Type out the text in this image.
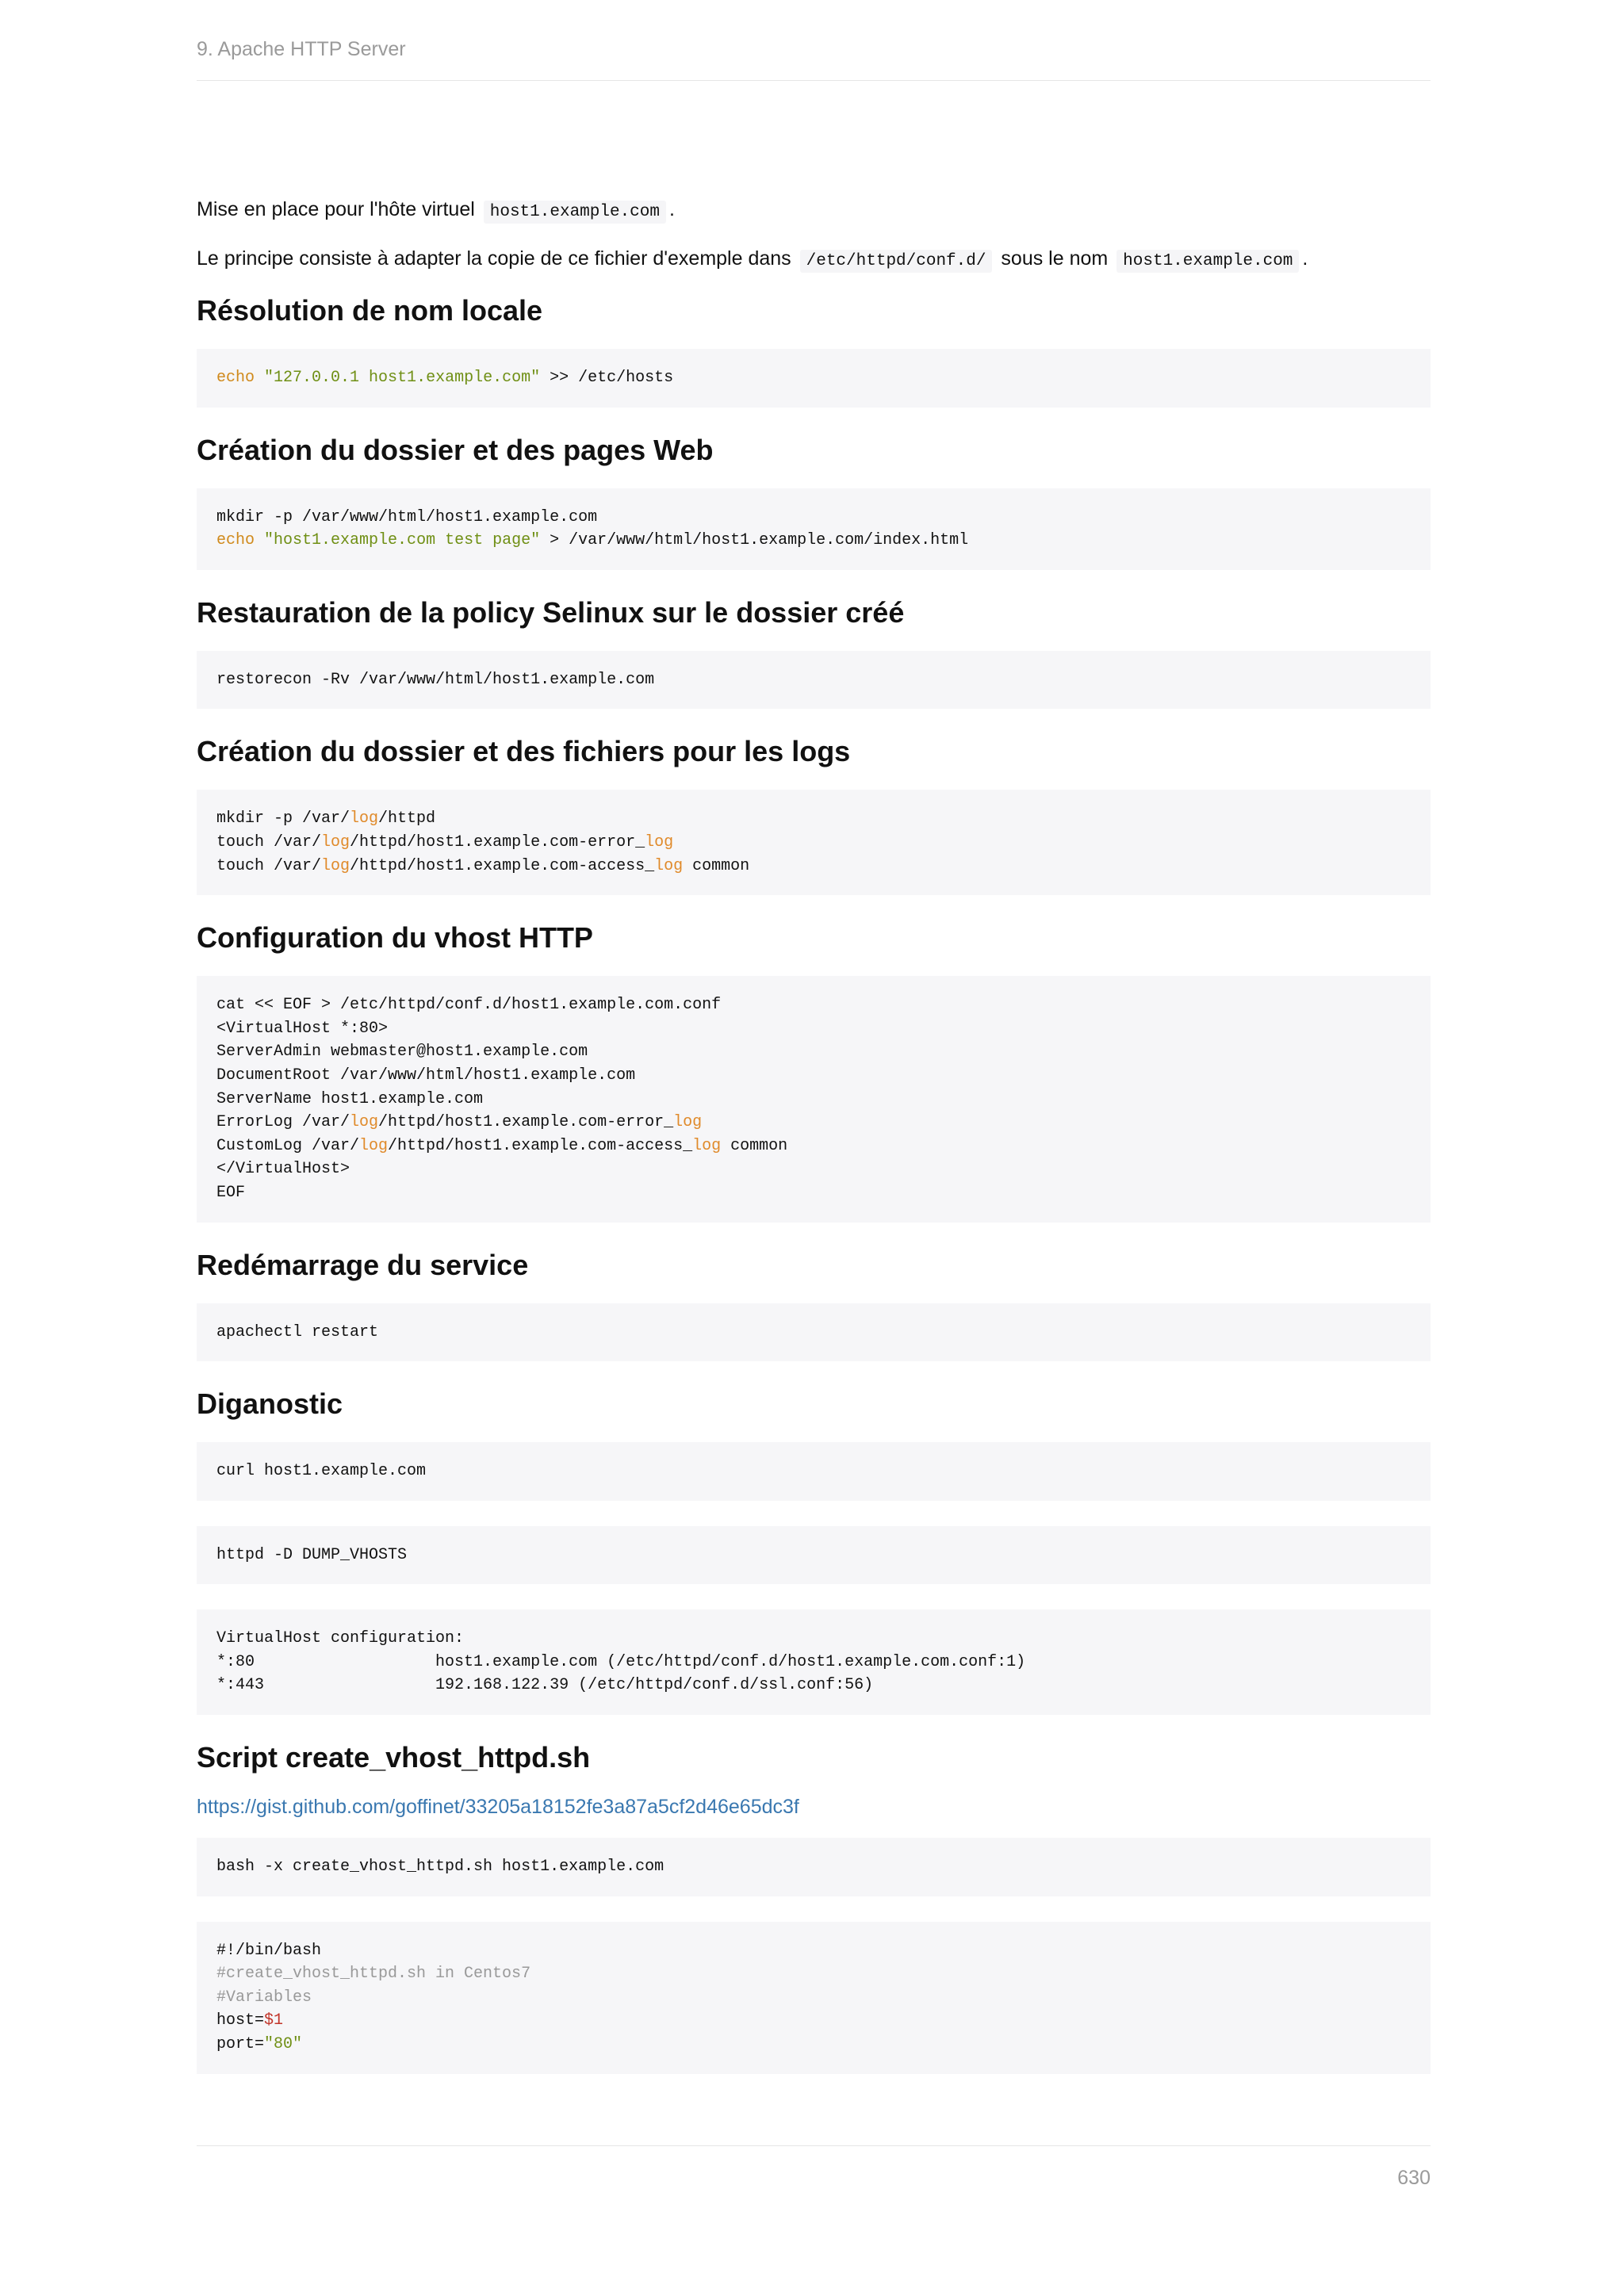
9. Apache HTTP Server

Mise en place pour l'hôte virtuel host1.example.com .

Le principe consiste à adapter la copie de ce fichier d'exemple dans /etc/httpd/conf.d/ sous le nom host1.example.com .

Résolution de nom locale
echo "127.0.0.1 host1.example.com" >> /etc/hosts
Création du dossier et des pages Web
mkdir -p /var/www/html/host1.example.com
echo "host1.example.com test page" > /var/www/html/host1.example.com/index.html
Restauration de la policy Selinux sur le dossier créé
restorecon -Rv /var/www/html/host1.example.com
Création du dossier et des fichiers pour les logs
mkdir -p /var/log/httpd
touch /var/log/httpd/host1.example.com-error_log
touch /var/log/httpd/host1.example.com-access_log common
Configuration du vhost HTTP
cat << EOF > /etc/httpd/conf.d/host1.example.com.conf
<VirtualHost *:80>
ServerAdmin webmaster@host1.example.com
DocumentRoot /var/www/html/host1.example.com
ServerName host1.example.com
ErrorLog /var/log/httpd/host1.example.com-error_log
CustomLog /var/log/httpd/host1.example.com-access_log common
</VirtualHost>
EOF
Redémarrage du service
apachectl restart
Diganostic
curl host1.example.com
httpd -D DUMP_VHOSTS
VirtualHost configuration:
*:80                   host1.example.com (/etc/httpd/conf.d/host1.example.com.conf:1)
*:443                  192.168.122.39 (/etc/httpd/conf.d/ssl.conf:56)
Script create_vhost_httpd.sh
https://gist.github.com/goffinet/33205a18152fe3a87a5cf2d46e65dc3f
bash -x create_vhost_httpd.sh host1.example.com
#!/bin/bash
#create_vhost_httpd.sh in Centos7
#Variables
host=$1
port="80"
630
